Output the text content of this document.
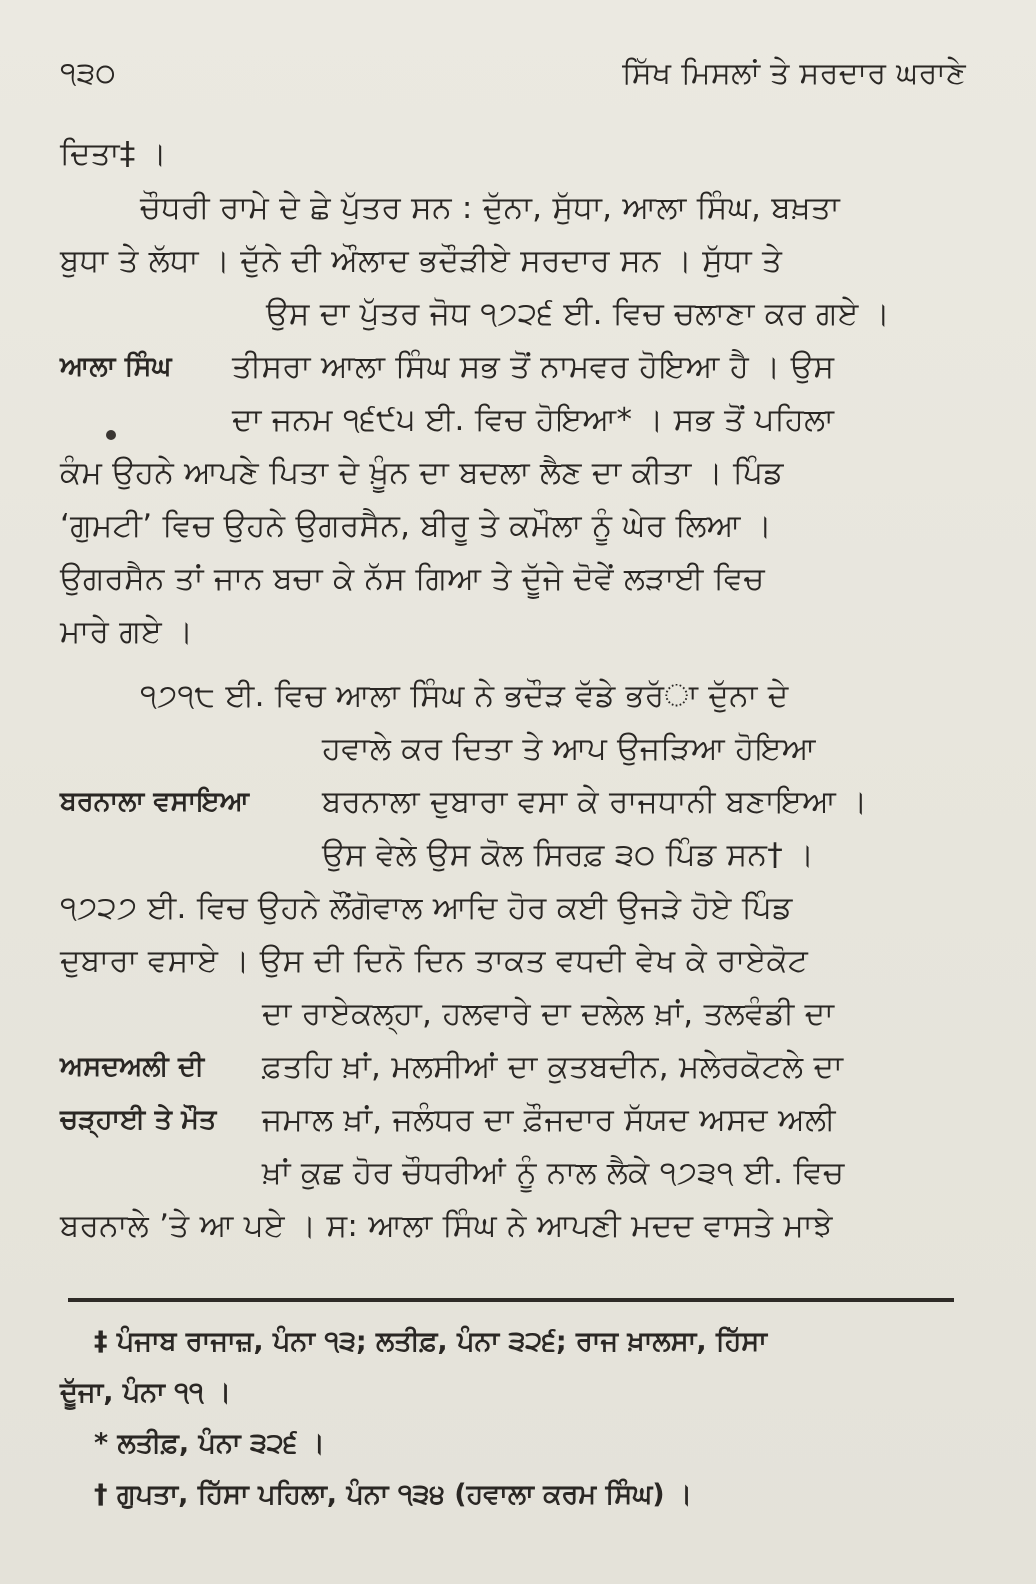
੧੩੦	ਸਿੱਖ ਮਿਸਲਾਂ ਤੇ ਸਰਦਾਰ ਘਰਾਣੇ
ਦਿਤਾ‡ ।
ਚੌਧਰੀ ਰਾਮੇ ਦੇ ਛੇ ਪੁੱਤਰ ਸਨ : ਦੁੱਨਾ, ਸੁੱਧਾ, ਆਲਾ ਸਿੰਘ, ਬਖ਼ਤਾ
ਬੁਧਾ ਤੇ ਲੱਧਾ । ਦੁੱਨੇ ਦੀ ਔਲਾਦ ਭਦੌੜੀਏ ਸਰਦਾਰ ਸਨ । ਸੁੱਧਾ ਤੇ
ਉਸ ਦਾ ਪੁੱਤਰ ਜੋਧ ੧੭੨੬ ਈ. ਵਿਚ ਚਲਾਣਾ ਕਰ ਗਏ ।
ਆਲਾ ਸਿੰਘ ਤੀਸਰਾ ਆਲਾ ਸਿੰਘ ਸਭ ਤੋਂ ਨਾਮਵਰ ਹੋਇਆ ਹੈ । ਉਸ
ਦਾ ਜਨਮ ੧੬੯੫ ਈ. ਵਿਚ ਹੋਇਆ* । ਸਭ ਤੋਂ ਪਹਿਲਾ
ਕੰਮ ਉਹਨੇ ਆਪਣੇ ਪਿਤਾ ਦੇ ਖ਼ੂੰਨ ਦਾ ਬਦਲਾ ਲੈਣ ਦਾ ਕੀਤਾ । ਪਿੰਡ
‘ਗੁਮਟੀ’ ਵਿਚ ਉਹਨੇ ਉਗਰਸੈਨ, ਬੀਰੂ ਤੇ ਕਮੌਲਾ ਨੂੰ ਘੇਰ ਲਿਆ ।
ਉਗਰਸੈਨ ਤਾਂ ਜਾਨ ਬਚਾ ਕੇ ਨੱਸ ਗਿਆ ਤੇ ਦੂੱਜੇ ਦੋਵੇਂ ਲੜਾਈ ਵਿਚ
ਮਾਰੇ ਗਏ ।
੧੭੧੮ ਈ. ਵਿਚ ਆਲਾ ਸਿੰਘ ਨੇ ਭਦੌੜ ਵੱਡੇ ਭਰੱਾ ਦੁੱਨਾ ਦੇ
ਹਵਾਲੇ ਕਰ ਦਿਤਾ ਤੇ ਆਪ ਉਜੜਿਆ ਹੋਇਆ
ਬਰਨਾਲਾ ਵਸਾਇਆ ਬਰਨਾਲਾ ਦੁਬਾਰਾ ਵਸਾ ਕੇ ਰਾਜਧਾਨੀ ਬਣਾਇਆ ।
ਉਸ ਵੇਲੇ ਉਸ ਕੋਲ ਸਿਰਫ਼ ੩੦ ਪਿੰਡ ਸਨ† ।
੧੭੨੭ ਈ. ਵਿਚ ਉਹਨੇ ਲੌਂਗੋਵਾਲ ਆਦਿ ਹੋਰ ਕਈ ਉਜੜੇ ਹੋਏ ਪਿੰਡ
ਦੁਬਾਰਾ ਵਸਾਏ । ਉਸ ਦੀ ਦਿਨੋ ਦਿਨ ਤਾਕਤ ਵਧਦੀ ਵੇਖ ਕੇ ਰਾਏਕੋਟ
ਦਾ ਰਾਏਕਲ੍ਹਾ, ਹਲਵਾਰੇ ਦਾ ਦਲੇਲ ਖ਼ਾਂ, ਤਲਵੰਡੀ ਦਾ
ਅਸਦਅਲੀ ਦੀ ਫ਼ਤਹਿ ਖ਼ਾਂ, ਮਲਸੀਆਂ ਦਾ ਕੁਤਬਦੀਨ, ਮਲੇਰਕੋਟਲੇ ਦਾ
ਚੜ੍ਹਾਈ ਤੇ ਮੌਤ ਜਮਾਲ ਖ਼ਾਂ, ਜਲੰਧਰ ਦਾ ਫ਼ੌਜਦਾਰ ਸੱਯਦ ਅਸਦ ਅਲੀ
ਖ਼ਾਂ ਕੁਛ ਹੋਰ ਚੌਧਰੀਆਂ ਨੂੰ ਨਾਲ ਲੈਕੇ ੧੭੩੧ ਈ. ਵਿਚ
ਬਰਨਾਲੇ ’ਤੇ ਆ ਪਏ । ਸ: ਆਲਾ ਸਿੰਘ ਨੇ ਆਪਣੀ ਮਦਦ ਵਾਸਤੇ ਮਾਝੇ
‡ ਪੰਜਾਬ ਰਾਜਾਜ਼, ਪੰਨਾ ੧੩; ਲਤੀਫ਼, ਪੰਨਾ ੩੨੬; ਰਾਜ ਖ਼ਾਲਸਾ, ਹਿੱਸਾ
ਦੂੱਜਾ, ਪੰਨਾ ੧੧ ।
* ਲਤੀਫ਼, ਪੰਨਾ ੩੨੬ ।
† ਗੁਪਤਾ, ਹਿੱਸਾ ਪਹਿਲਾ, ਪੰਨਾ ੧੩੪ (ਹਵਾਲਾ ਕਰਮ ਸਿੰਘ) ।
